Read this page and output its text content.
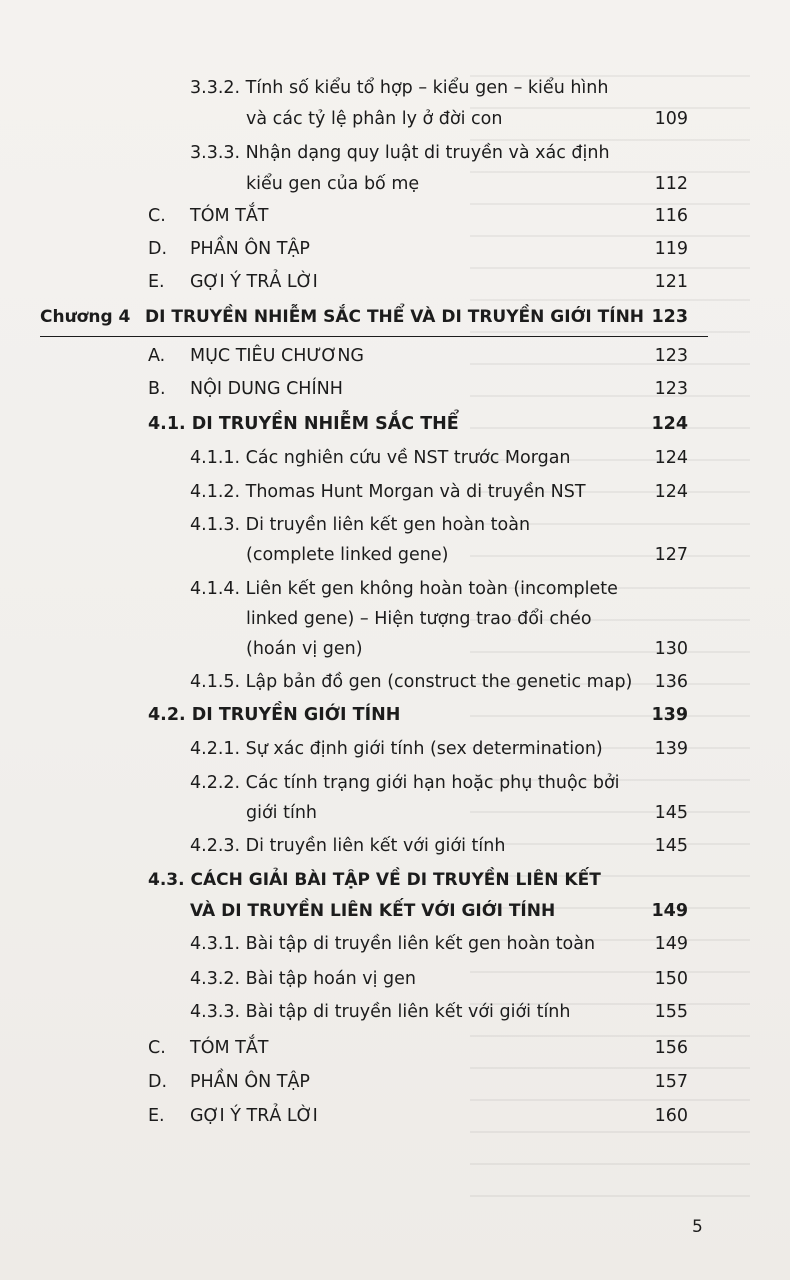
3.3.2. Tính số kiểu tổ hợp – kiểu gen – kiểu hình
và các tỷ lệ phân ly ở đời con	109
3.3.3. Nhận dạng quy luật di truyền và xác định
kiểu gen của bố mẹ	112
C. TÓM TẮT	116
D. PHẦN ÔN TẬP	119
E. GỢI Ý TRẢ LỜI	121
Chương 4 DI TRUYỀN NHIỄM SẮC THỂ VÀ DI TRUYỀN GIỚI TÍNH 123
A. MỤC TIÊU CHƯƠNG	123
B. NỘI DUNG CHÍNH	123
4.1. DI TRUYỀN NHIỄM SẮC THỂ	124
4.1.1. Các nghiên cứu về NST trước Morgan	124
4.1.2. Thomas Hunt Morgan và di truyền NST	124
4.1.3. Di truyền liên kết gen hoàn toàn
(complete linked gene)	127
4.1.4. Liên kết gen không hoàn toàn (incomplete
linked gene) – Hiện tượng trao đổi chéo
(hoán vị gen)	130
4.1.5. Lập bản đồ gen (construct the genetic map)	136
4.2. DI TRUYỀN GIỚI TÍNH	139
4.2.1. Sự xác định giới tính (sex determination)	139
4.2.2. Các tính trạng giới hạn hoặc phụ thuộc bởi
giới tính	145
4.2.3. Di truyền liên kết với giới tính	145
4.3. CÁCH GIẢI BÀI TẬP VỀ DI TRUYỀN LIÊN KẾT
VÀ DI TRUYỀN LIÊN KẾT VỚI GIỚI TÍNH	149
4.3.1. Bài tập di truyền liên kết gen hoàn toàn	149
4.3.2. Bài tập hoán vị gen	150
4.3.3. Bài tập di truyền liên kết với giới tính	155
C. TÓM TẮT	156
D. PHẦN ÔN TẬP	157
E. GỢI Ý TRẢ LỜI	160
5
